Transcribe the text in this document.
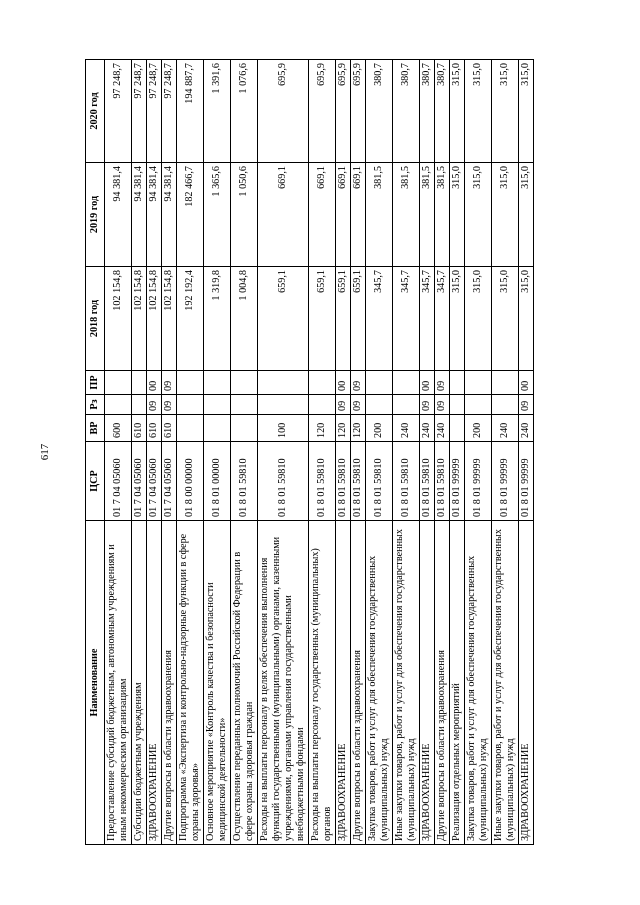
617
Наименование	ЦСР	ВР	Рз	ПР	2018 год	2019 год	2020 год
Предоставление субсидий бюджетным, автономным учреждениям и иным некоммерческим организациям	01 7 04 05060	600			102 154,8	94 381,4	97 248,7
Субсидии бюджетным учреждениям	01 7 04 05060	610			102 154,8	94 381,4	97 248,7
ЗДРАВООХРАНЕНИЕ	01 7 04 05060	610	09	00	102 154,8	94 381,4	97 248,7
Другие вопросы в области здравоохранения	01 7 04 05060	610	09	09	102 154,8	94 381,4	97 248,7
Подпрограмма «Экспертиза и контрольно-надзорные функции в сфере охраны здоровья»	01 8 00 00000				192 192,4	182 466,7	194 887,7
Основное мероприятие «Контроль качества и безопасности медицинской деятельности»	01 8 01 00000				1 319,8	1 365,6	1 391,6
Осуществление переданных полномочий Российской Федерации в сфере охраны здоровья граждан	01 8 01 59810				1 004,8	1 050,6	1 076,6
Расходы на выплаты персоналу в целях обеспечения выполнения функций государственными (муниципальными) органами, казенными учреждениями, органами управления государственными внебюджетными фондами	01 8 01 59810	100			659,1	669,1	695,9
Расходы на выплаты персоналу государственных (муниципальных) органов	01 8 01 59810	120			659,1	669,1	695,9
ЗДРАВООХРАНЕНИЕ	01 8 01 59810	120	09	00	659,1	669,1	695,9
Другие вопросы в области здравоохранения	01 8 01 59810	120	09	09	659,1	669,1	695,9
Закупка товаров, работ и услуг для обеспечения государственных (муниципальных) нужд	01 8 01 59810	200			345,7	381,5	380,7
Иные закупки товаров, работ и услуг для обеспечения государственных (муниципальных) нужд	01 8 01 59810	240			345,7	381,5	380,7
ЗДРАВООХРАНЕНИЕ	01 8 01 59810	240	09	00	345,7	381,5	380,7
Другие вопросы в области здравоохранения	01 8 01 59810	240	09	09	345,7	381,5	380,7
Реализация отдельных мероприятий	01 8 01 99999				315,0	315,0	315,0
Закупка товаров, работ и услуг для обеспечения государственных (муниципальных) нужд	01 8 01 99999	200			315,0	315,0	315,0
Иные закупки товаров, работ и услуг для обеспечения государственных (муниципальных) нужд	01 8 01 99999	240			315,0	315,0	315,0
ЗДРАВООХРАНЕНИЕ	01 8 01 99999	240	09	00	315,0	315,0	315,0
